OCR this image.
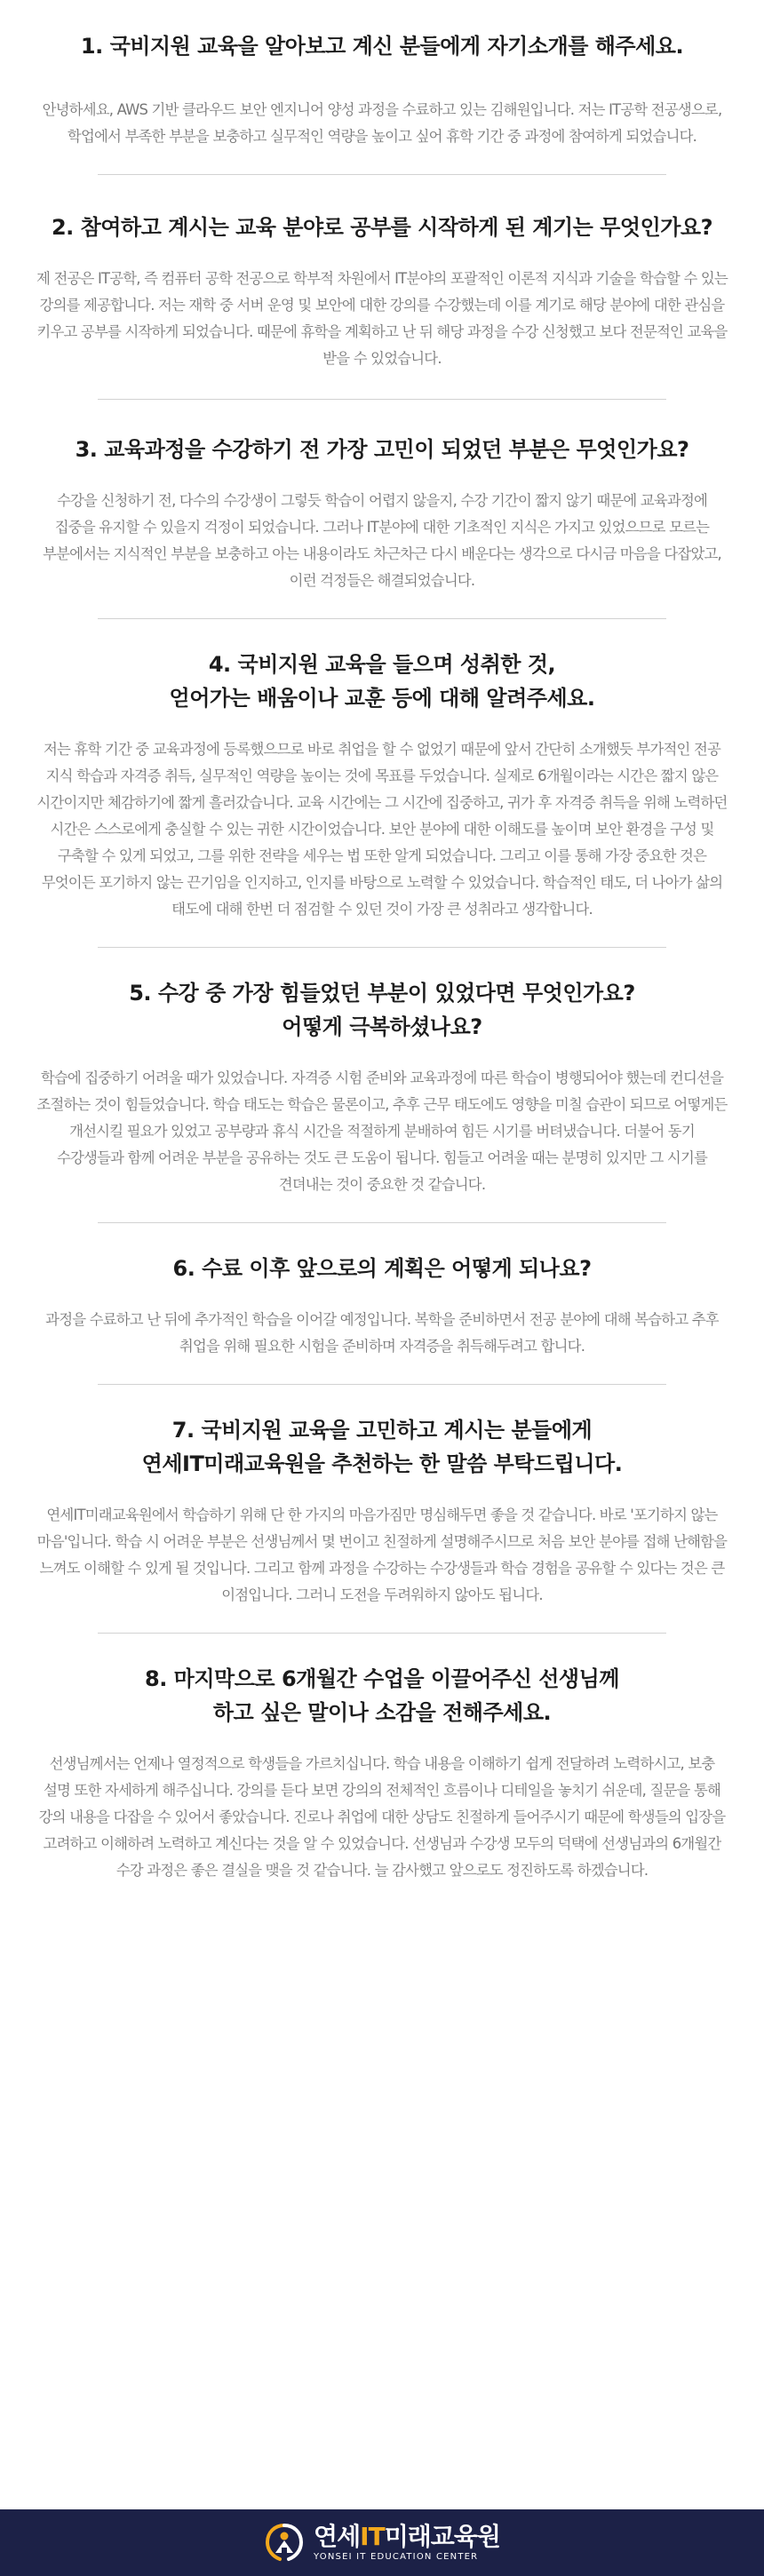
1. 국비지원 교육을 알아보고 계신 분들에게 자기소개를 해주세요.

안녕하세요, AWS 기반 클라우드 보안 엔지니어 양성 과정을 수료하고 있는 김해원입니다. 저는 IT공학 전공생으로, 학업에서 부족한 부분을 보충하고 실무적인 역량을 높이고 싶어 휴학 기간 중 과정에 참여하게 되었습니다.

2. 참여하고 계시는 교육 분야로 공부를 시작하게 된 계기는 무엇인가요?

제 전공은 IT공학, 즉 컴퓨터 공학 전공으로 학부적 차원에서 IT분야의 포괄적인 이론적 지식과 기술을 학습할 수 있는 강의를 제공합니다. 저는 재학 중 서버 운영 및 보안에 대한 강의를 수강했는데 이를 계기로 해당 분야에 대한 관심을 키우고 공부를 시작하게 되었습니다. 때문에 휴학을 계획하고 난 뒤 해당 과정을 수강 신청했고 보다 전문적인 교육을 받을 수 있었습니다.

3. 교육과정을 수강하기 전 가장 고민이 되었던 부분은 무엇인가요?

수강을 신청하기 전, 다수의 수강생이 그렇듯 학습이 어렵지 않을지, 수강 기간이 짧지 않기 때문에 교육과정에 집중을 유지할 수 있을지 걱정이 되었습니다. 그러나 IT분야에 대한 기초적인 지식은 가지고 있었으므로 모르는 부분에서는 지식적인 부분을 보충하고 아는 내용이라도 차근차근 다시 배운다는 생각으로 다시금 마음을 다잡았고, 이런 걱정들은 해결되었습니다.

4. 국비지원 교육을 들으며 성취한 것,
얻어가는 배움이나 교훈 등에 대해 알려주세요.

저는 휴학 기간 중 교육과정에 등록했으므로 바로 취업을 할 수 없었기 때문에 앞서 간단히 소개했듯 부가적인 전공 지식 학습과 자격증 취득, 실무적인 역량을 높이는 것에 목표를 두었습니다. 실제로 6개월이라는 시간은 짧지 않은 시간이지만 체감하기에 짧게 흘러갔습니다. 교육 시간에는 그 시간에 집중하고, 귀가 후 자격증 취득을 위해 노력하던 시간은 스스로에게 충실할 수 있는 귀한 시간이었습니다. 보안 분야에 대한 이해도를 높이며 보안 환경을 구성 및 구축할 수 있게 되었고, 그를 위한 전략을 세우는 법 또한 알게 되었습니다. 그리고 이를 통해 가장 중요한 것은 무엇이든 포기하지 않는 끈기임을 인지하고, 인지를 바탕으로 노력할 수 있었습니다. 학습적인 태도, 더 나아가 삶의 태도에 대해 한번 더 점검할 수 있던 것이 가장 큰 성취라고 생각합니다.

5. 수강 중 가장 힘들었던 부분이 있었다면 무엇인가요?
어떻게 극복하셨나요?

학습에 집중하기 어려울 때가 있었습니다. 자격증 시험 준비와 교육과정에 따른 학습이 병행되어야 했는데 컨디션을 조절하는 것이 힘들었습니다. 학습 태도는 학습은 물론이고, 추후 근무 태도에도 영향을 미칠 습관이 되므로 어떻게든 개선시킬 필요가 있었고 공부량과 휴식 시간을 적절하게 분배하여 힘든 시기를 버텨냈습니다. 더불어 동기 수강생들과 함께 어려운 부분을 공유하는 것도 큰 도움이 됩니다. 힘들고 어려울 때는 분명히 있지만 그 시기를 견뎌내는 것이 중요한 것 같습니다.

6. 수료 이후 앞으로의 계획은 어떻게 되나요?

과정을 수료하고 난 뒤에 추가적인 학습을 이어갈 예정입니다. 복학을 준비하면서 전공 분야에 대해 복습하고 추후 취업을 위해 필요한 시험을 준비하며 자격증을 취득해두려고 합니다.

7. 국비지원 교육을 고민하고 계시는 분들에게
연세IT미래교육원을 추천하는 한 말씀 부탁드립니다.

연세IT미래교육원에서 학습하기 위해 단 한 가지의 마음가짐만 명심해두면 좋을 것 같습니다. 바로 '포기하지 않는 마음'입니다. 학습 시 어려운 부분은 선생님께서 몇 번이고 친절하게 설명해주시므로 처음 보안 분야를 접해 난해함을 느껴도 이해할 수 있게 될 것입니다. 그리고 함께 과정을 수강하는 수강생들과 학습 경험을 공유할 수 있다는 것은 큰 이점입니다. 그러니 도전을 두려워하지 않아도 됩니다.

8. 마지막으로 6개월간 수업을 이끌어주신 선생님께
하고 싶은 말이나 소감을 전해주세요.

선생님께서는 언제나 열정적으로 학생들을 가르치십니다. 학습 내용을 이해하기 쉽게 전달하려 노력하시고, 보충 설명 또한 자세하게 해주십니다. 강의를 듣다 보면 강의의 전체적인 흐름이나 디테일을 놓치기 쉬운데, 질문을 통해 강의 내용을 다잡을 수 있어서 좋았습니다. 진로나 취업에 대한 상담도 친절하게 들어주시기 때문에 학생들의 입장을 고려하고 이해하려 노력하고 계신다는 것을 알 수 있었습니다. 선생님과 수강생 모두의 덕택에 선생님과의 6개월간 수강 과정은 좋은 결실을 맺을 것 같습니다. 늘 감사했고 앞으로도 정진하도록 하겠습니다.

연세IT미래교육원
YONSEI IT EDUCATION CENTER
